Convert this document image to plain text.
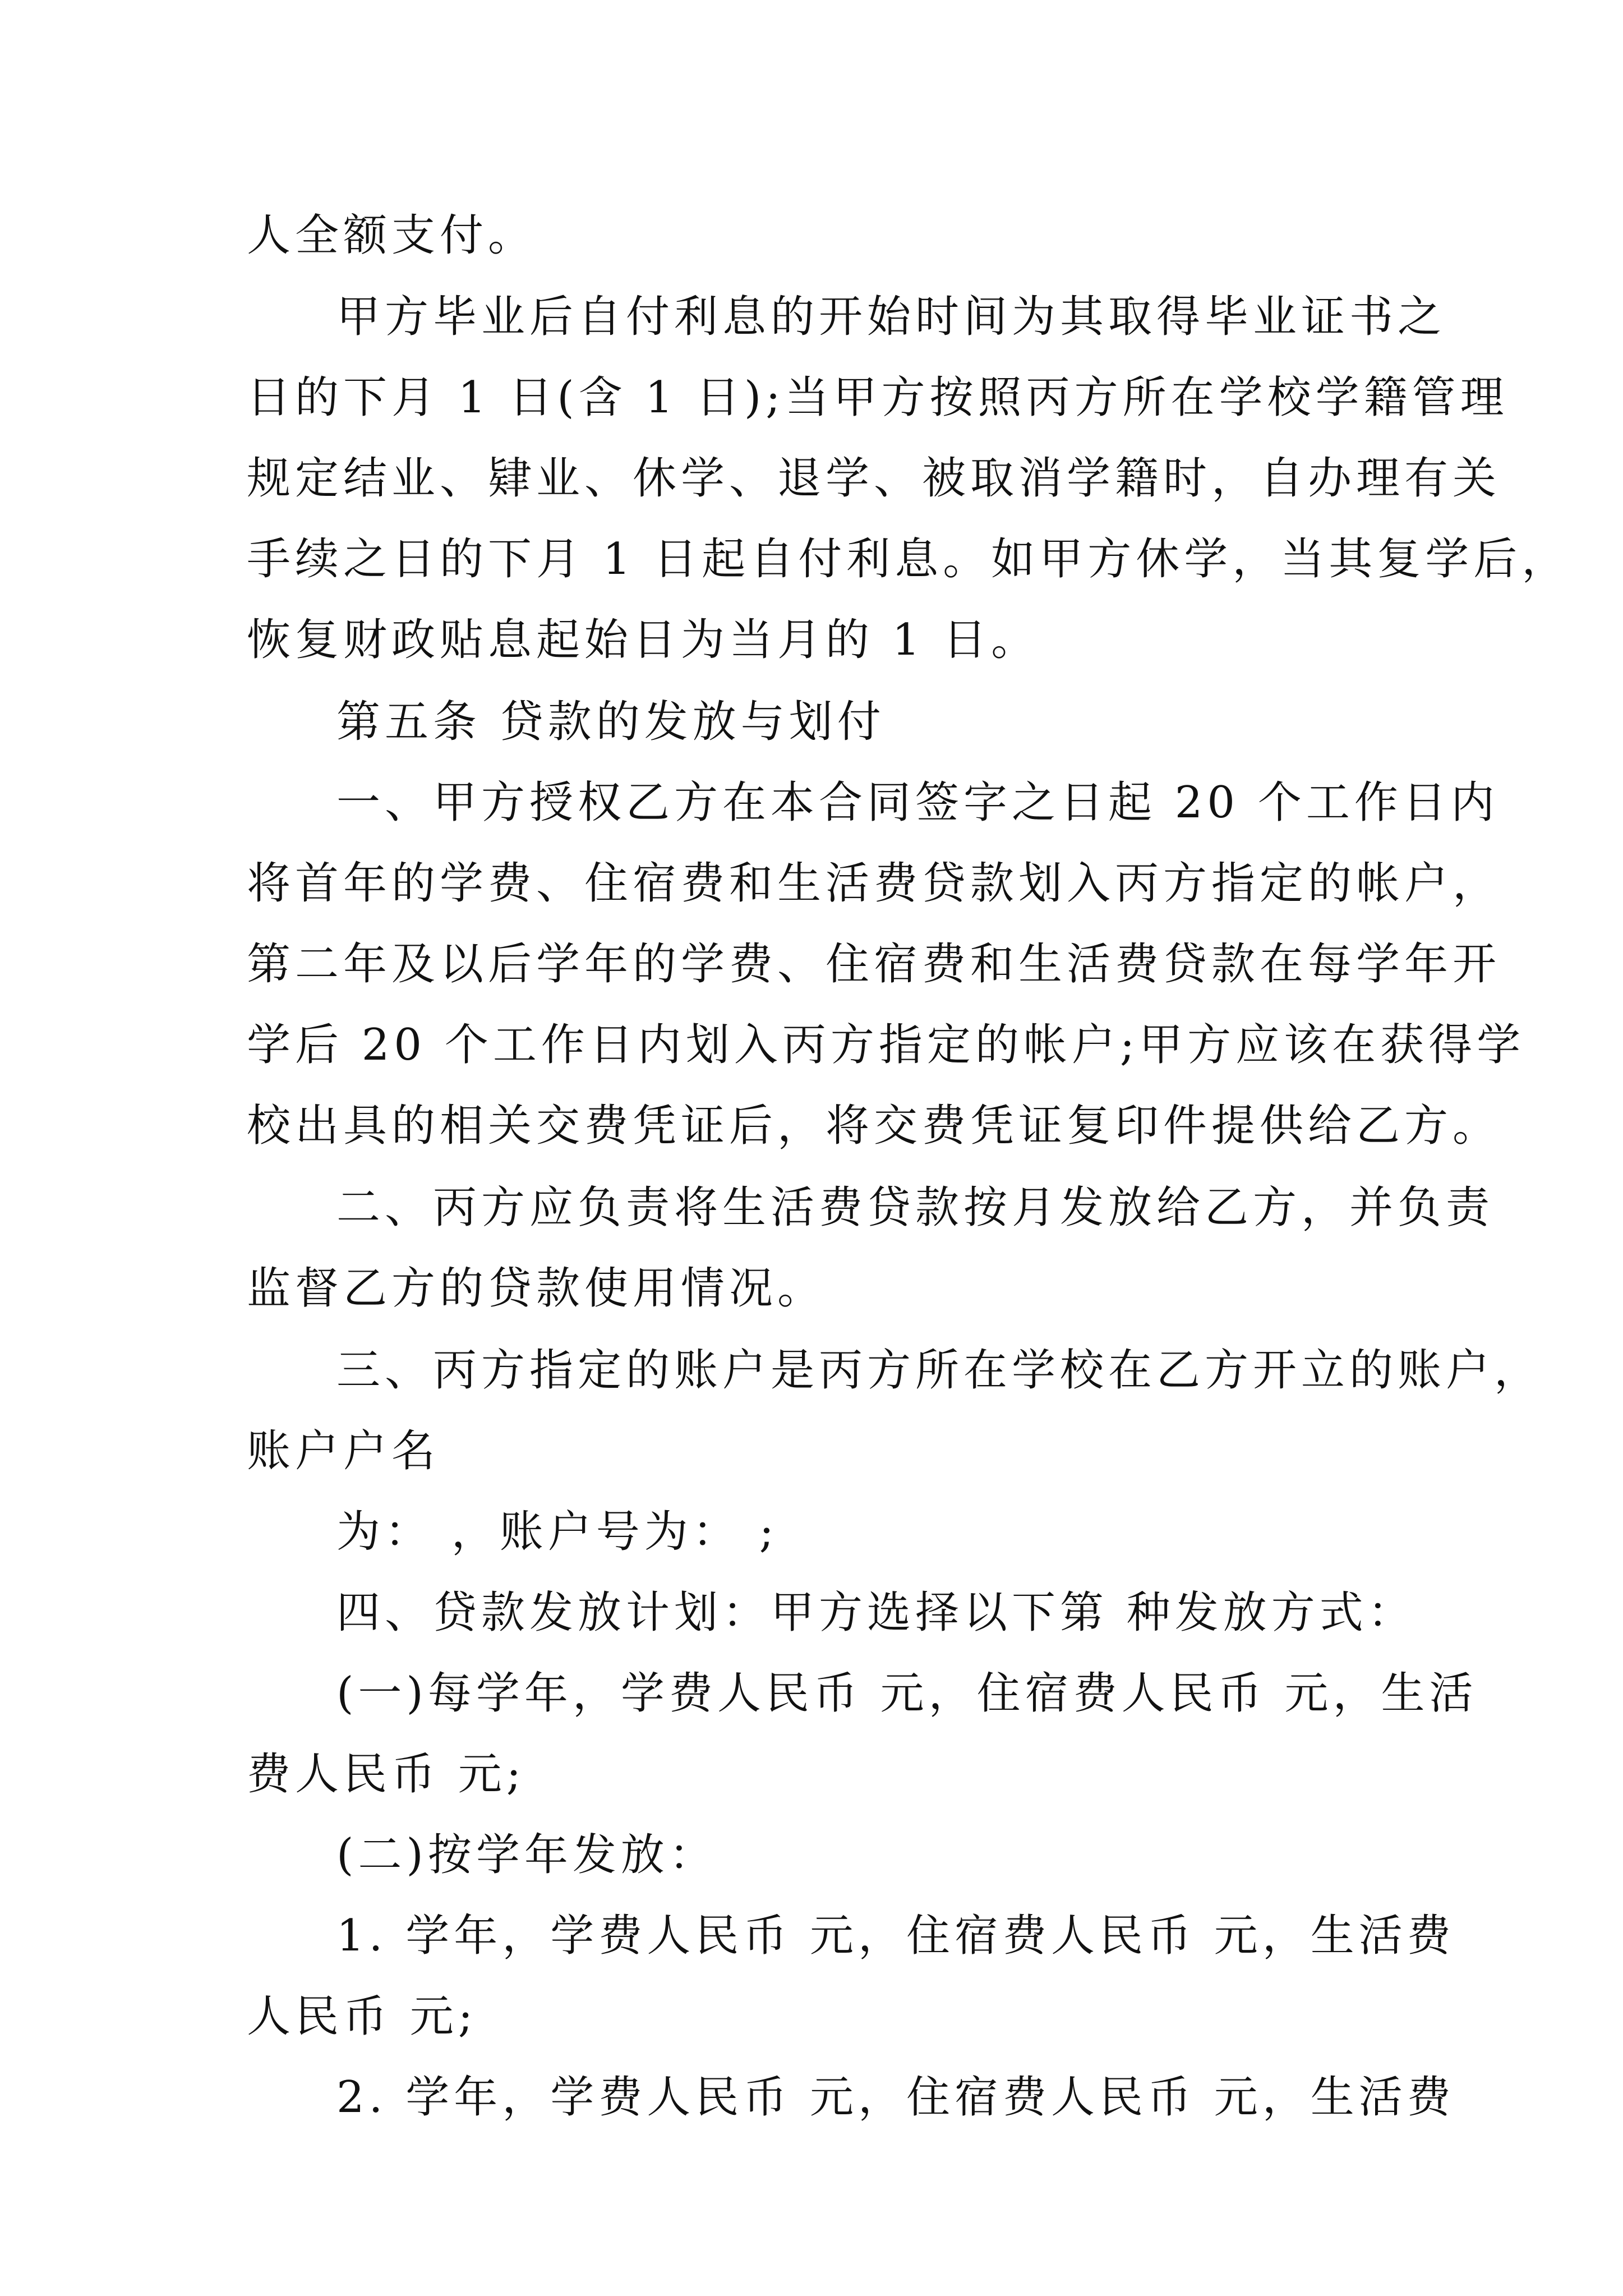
人全额支付。
甲方毕业后自付利息的开始时间为其取得毕业证书之
日的下月 1 日(含 1 日);当甲方按照丙方所在学校学籍管理
规定结业、肄业、休学、退学、被取消学籍时，自办理有关
手续之日的下月 1 日起自付利息。如甲方休学，当其复学后，
恢复财政贴息起始日为当月的 1 日。
第五条 贷款的发放与划付
一、甲方授权乙方在本合同签字之日起 20 个工作日内
将首年的学费、住宿费和生活费贷款划入丙方指定的帐户，
第二年及以后学年的学费、住宿费和生活费贷款在每学年开
学后 20 个工作日内划入丙方指定的帐户;甲方应该在获得学
校出具的相关交费凭证后，将交费凭证复印件提供给乙方。
二、丙方应负责将生活费贷款按月发放给乙方，并负责
监督乙方的贷款使用情况。
三、丙方指定的账户是丙方所在学校在乙方开立的账户，
账户户名
为： ，账户号为： ;
四、贷款发放计划：甲方选择以下第 种发放方式：
(一)每学年，学费人民币 元，住宿费人民币 元，生活
费人民币 元;
(二)按学年发放：
1. 学年，学费人民币 元，住宿费人民币 元，生活费
人民币 元;
2. 学年，学费人民币 元，住宿费人民币 元，生活费
